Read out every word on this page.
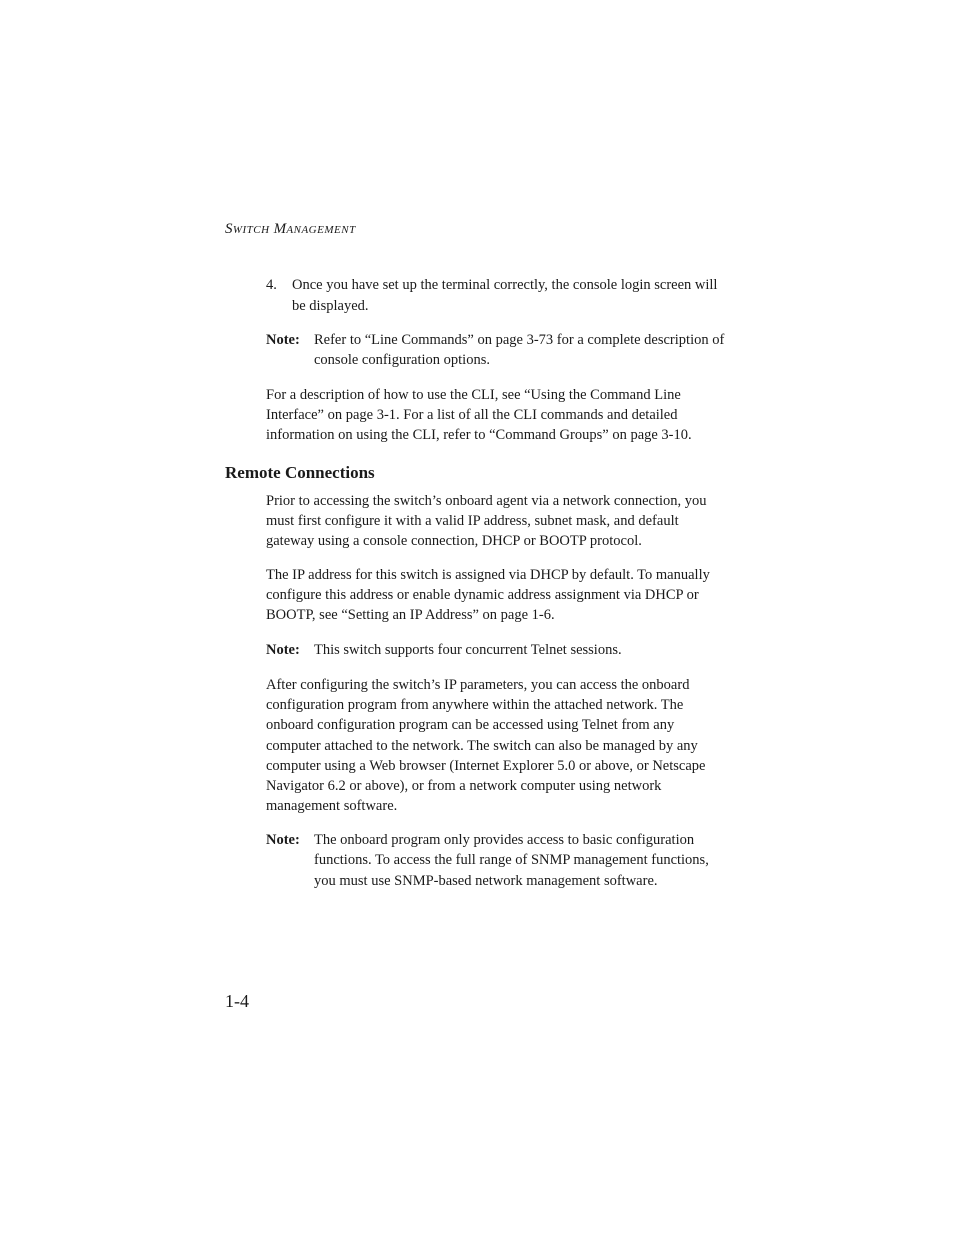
SWITCH MANAGEMENT
4. Once you have set up the terminal correctly, the console login screen will be displayed.
Note: Refer to “Line Commands” on page 3-73 for a complete description of console configuration options.
For a description of how to use the CLI, see “Using the Command Line Interface” on page 3-1. For a list of all the CLI commands and detailed information on using the CLI, refer to “Command Groups” on page 3-10.
Remote Connections
Prior to accessing the switch’s onboard agent via a network connection, you must first configure it with a valid IP address, subnet mask, and default gateway using a console connection, DHCP or BOOTP protocol.
The IP address for this switch is assigned via DHCP by default. To manually configure this address or enable dynamic address assignment via DHCP or BOOTP, see “Setting an IP Address” on page 1-6.
Note: This switch supports four concurrent Telnet sessions.
After configuring the switch’s IP parameters, you can access the onboard configuration program from anywhere within the attached network. The onboard configuration program can be accessed using Telnet from any computer attached to the network. The switch can also be managed by any computer using a Web browser (Internet Explorer 5.0 or above, or Netscape Navigator 6.2 or above), or from a network computer using network management software.
Note: The onboard program only provides access to basic configuration functions. To access the full range of SNMP management functions, you must use SNMP-based network management software.
1-4
